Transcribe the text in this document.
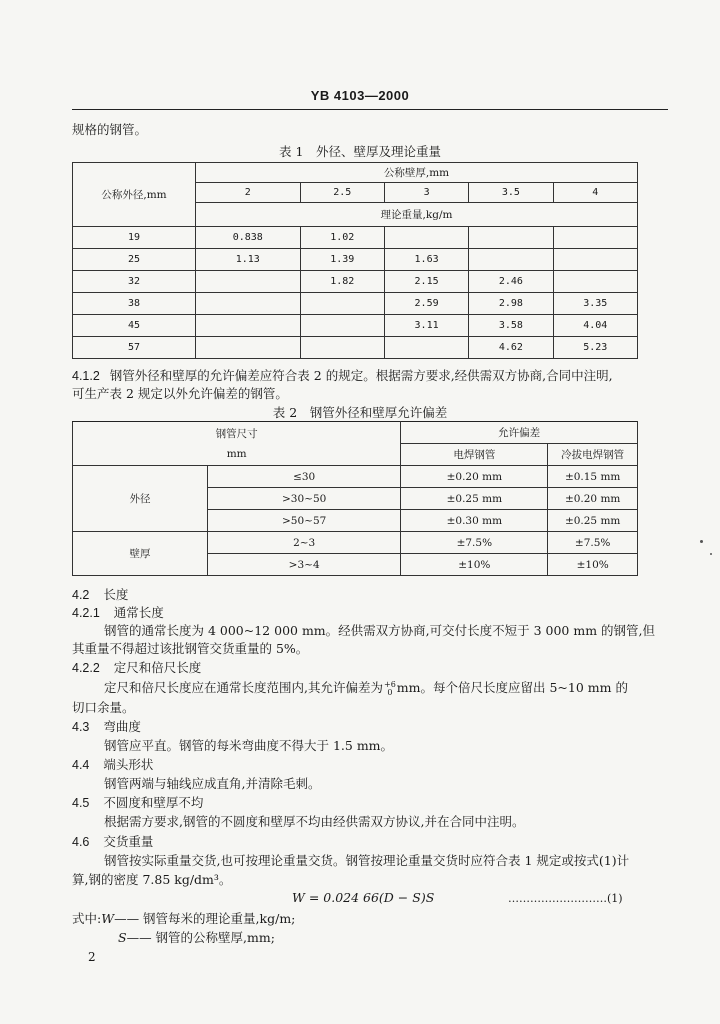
YB 4103—2000
规格的钢管。
表 1　外径、壁厚及理论重量
公称外径,mm	公称壁厚,mm				
	2	2.5	3	3.5	4
	理论重量,kg/m				
19	0.838	1.02			
25	1.13	1.39	1.63		
32		1.82	2.15	2.46	
38			2.59	2.98	3.35
45			3.11	3.58	4.04
57				4.62	5.23
4.1.2 钢管外径和壁厚的允许偏差应符合表 2 的规定。根据需方要求,经供需双方协商,合同中注明,
可生产表 2 规定以外允许偏差的钢管。
表 2　钢管外径和壁厚允许偏差
钢管尺寸
mm		允许偏差	
		电焊钢管	冷拔电焊钢管
外径	≤30	±0.20 mm	±0.15 mm
	>30~50	±0.25 mm	±0.20 mm
	>50~57	±0.30 mm	±0.25 mm
壁厚	2~3	±7.5%	±7.5%
	>3~4	±10%	±10%
4.2 长度
4.2.1 通常长度
钢管的通常长度为 4 000~12 000 mm。经供需双方协商,可交付长度不短于 3 000 mm 的钢管,但
其重量不得超过该批钢管交货重量的 5%。
4.2.2 定尺和倍尺长度
定尺和倍尺长度应在通常长度范围内,其允许偏差为 +6
0 mm。每个倍尺长度应留出 5~10 mm 的
切口余量。
4.3 弯曲度
钢管应平直。钢管的每米弯曲度不得大于 1.5 mm。
4.4 端头形状
钢管两端与轴线应成直角,并清除毛刺。
4.5 不圆度和壁厚不均
根据需方要求,钢管的不圆度和壁厚不均由经供需双方协议,并在合同中注明。
4.6 交货重量
钢管按实际重量交货,也可按理论重量交货。钢管按理论重量交货时应符合表 1 规定或按式(1)计
算,钢的密度 7.85 kg/dm³。
W = 0.024 66(D − S)S	………………………(1)
式中:W—— 钢管每米的理论重量,kg/m;
S—— 钢管的公称壁厚,mm;
2
